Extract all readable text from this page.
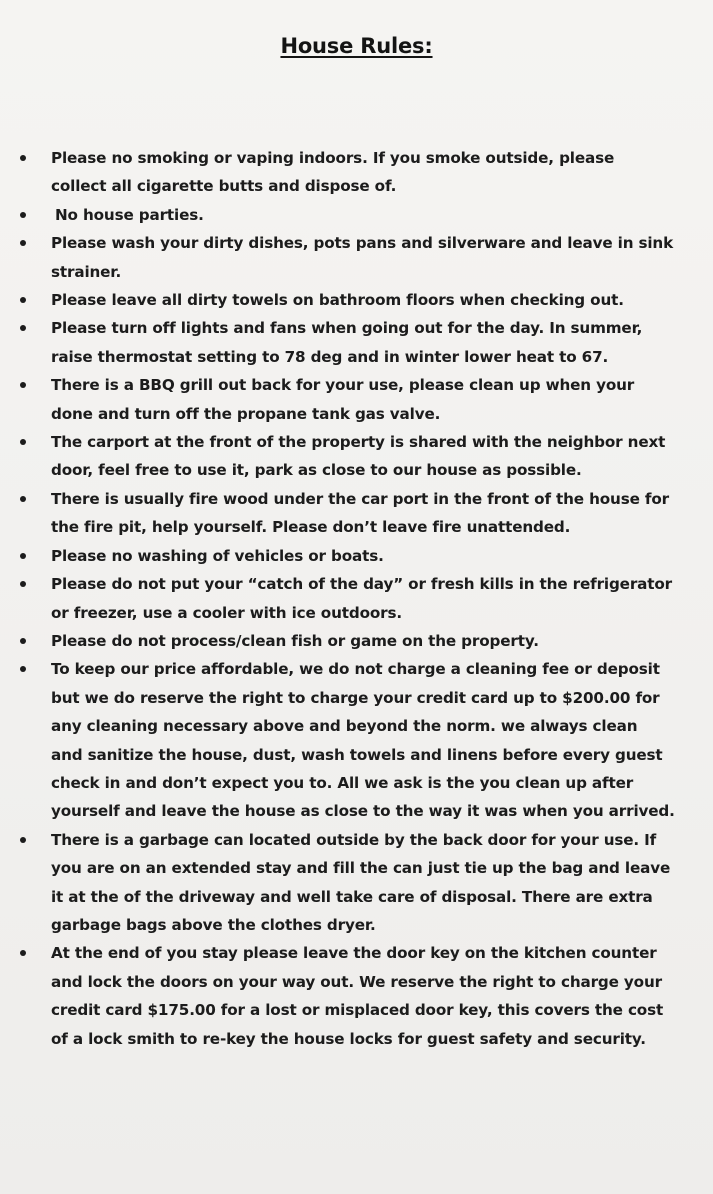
House Rules:
Please no smoking or vaping indoors. If you smoke outside, please
collect all cigarette butts and dispose of.
No house parties.
Please wash your dirty dishes, pots pans and silverware and leave in sink
strainer.
Please leave all dirty towels on bathroom floors when checking out.
Please turn off lights and fans when going out for the day. In summer,
raise thermostat setting to 78 deg and in winter lower heat to 67.
There is a BBQ grill out back for your use, please clean up when your
done and turn off the propane tank gas valve.
The carport at the front of the property is shared with the neighbor next
door, feel free to use it, park as close to our house as possible.
There is usually fire wood under the car port in the front of the house for
the fire pit, help yourself. Please don’t leave fire unattended.
Please no washing of vehicles or boats.
Please do not put your “catch of the day” or fresh kills in the refrigerator
or freezer, use a cooler with ice outdoors.
Please do not process/clean fish or game on the property.
To keep our price affordable, we do not charge a cleaning fee or deposit
but we do reserve the right to charge your credit card up to $200.00 for
any cleaning necessary above and beyond the norm. we always clean
and sanitize the house, dust, wash towels and linens before every guest
check in and don’t expect you to. All we ask is the you clean up after
yourself and leave the house as close to the way it was when you arrived.
There is a garbage can located outside by the back door for your use. If
you are on an extended stay and fill the can just tie up the bag and leave
it at the of the driveway and well take care of disposal. There are extra
garbage bags above the clothes dryer.
At the end of you stay please leave the door key on the kitchen counter
and lock the doors on your way out. We reserve the right to charge your
credit card $175.00 for a lost or misplaced door key, this covers the cost
of a lock smith to re-key the house locks for guest safety and security.
